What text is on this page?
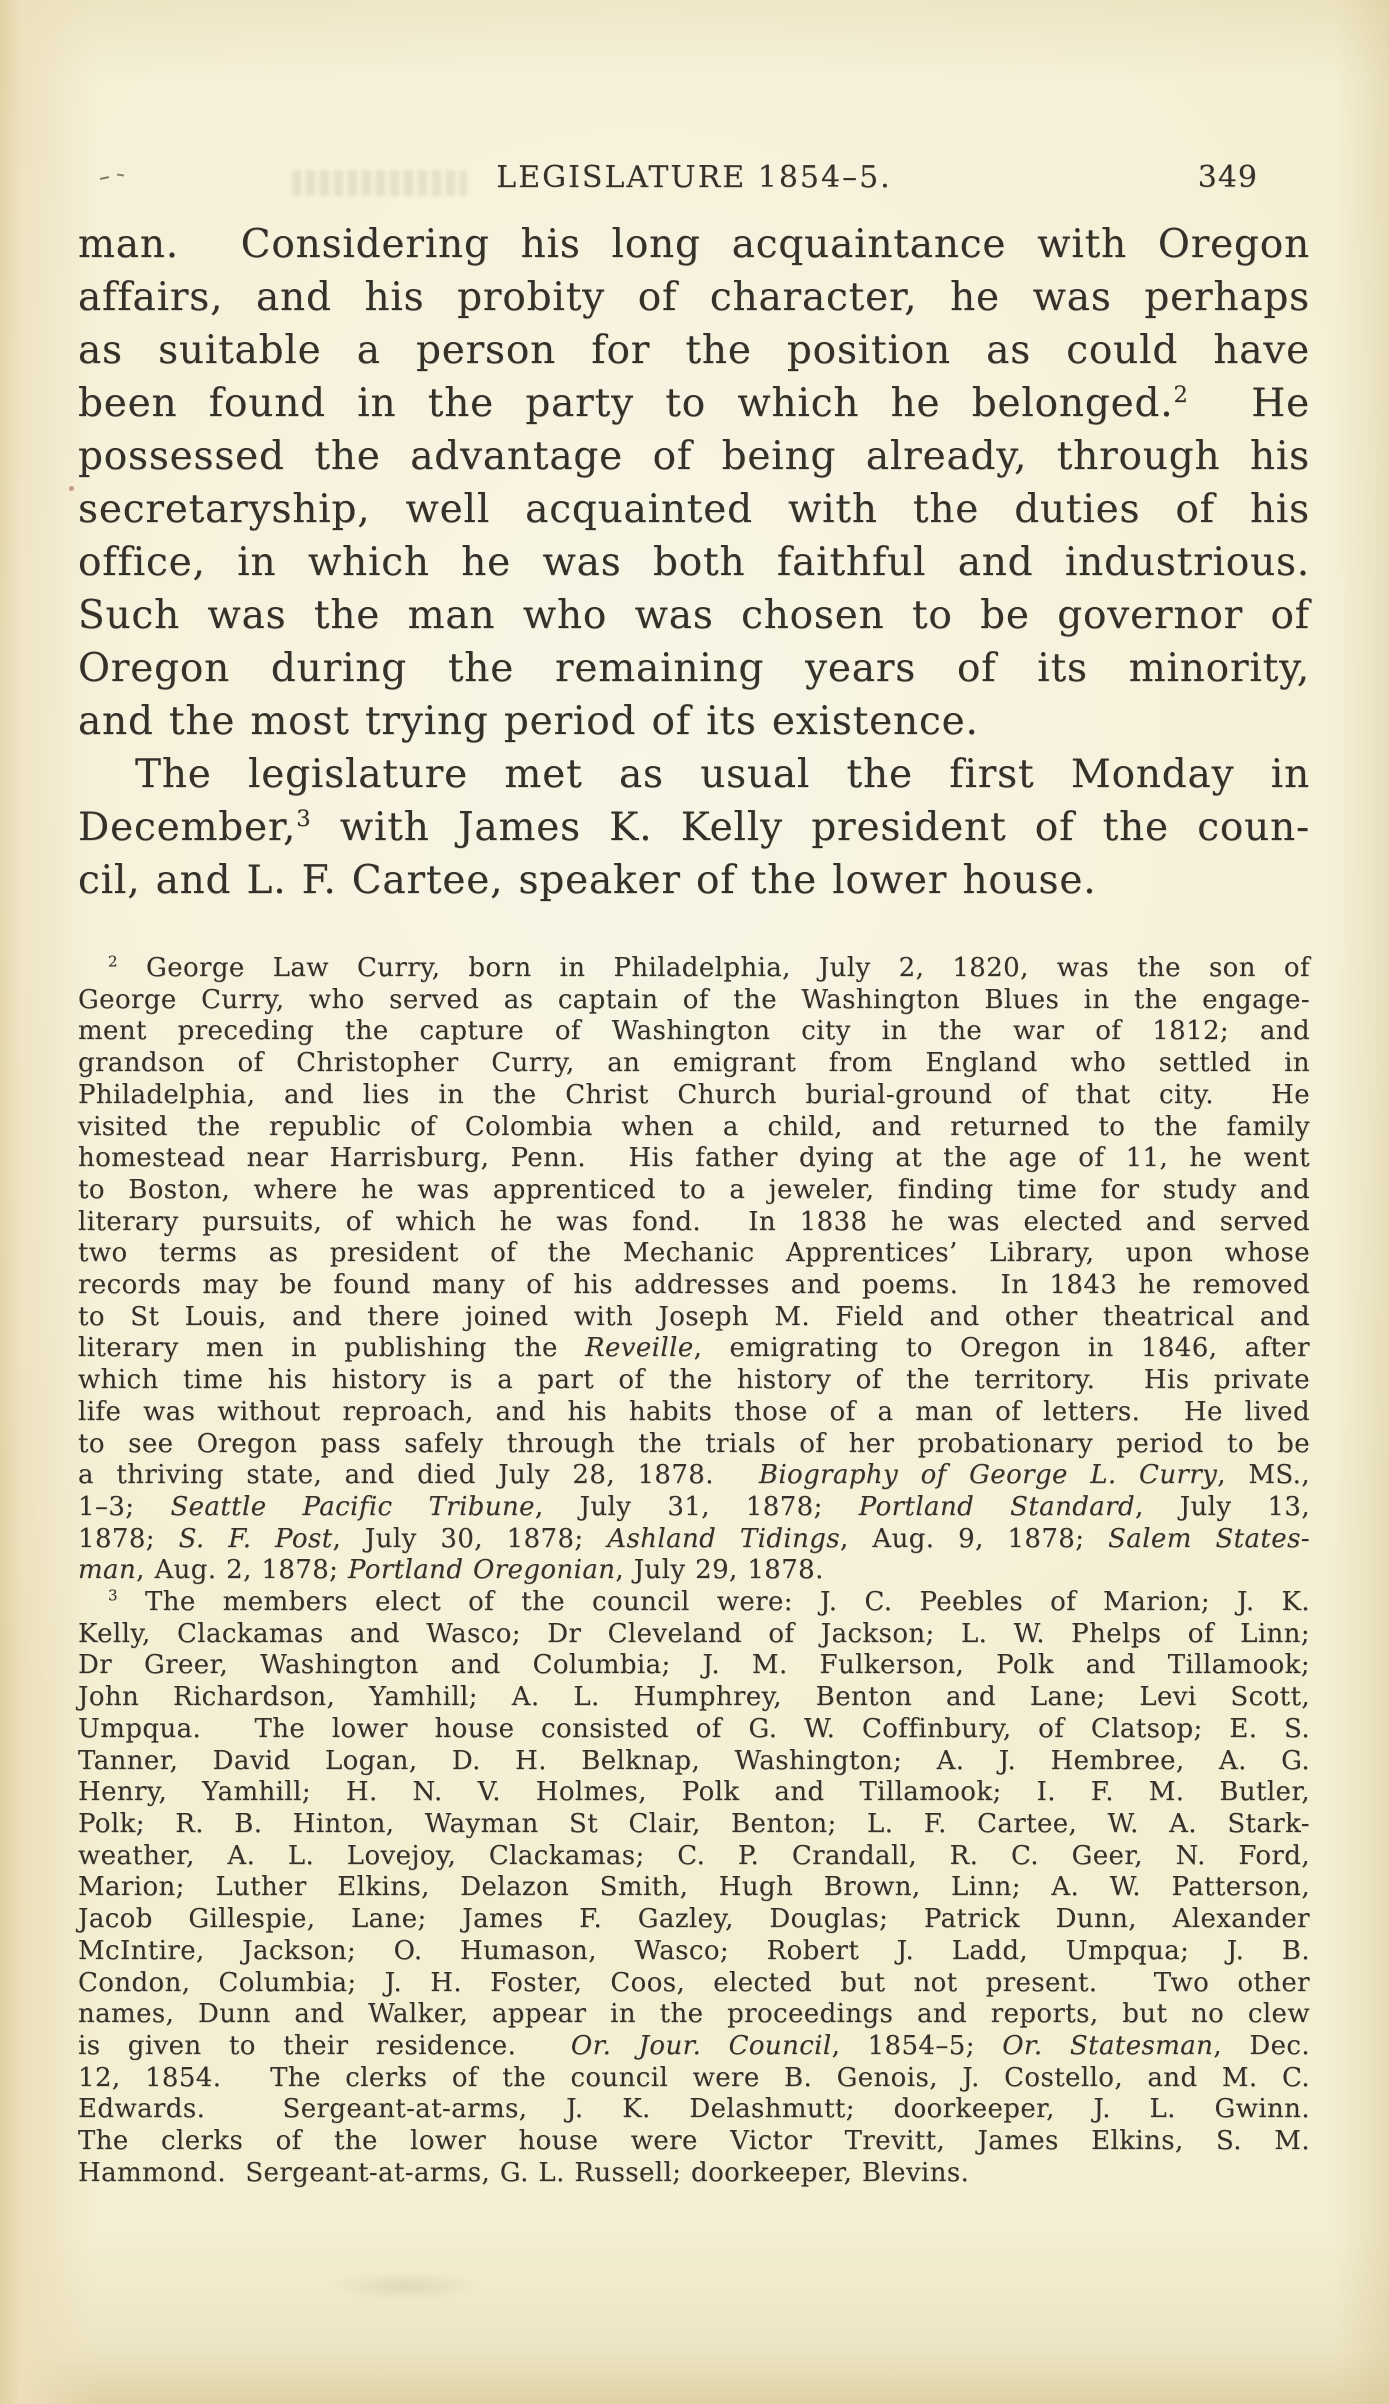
LEGISLATURE 1854–5.	349
man.  Considering his long acquaintance with Oregon
affairs, and his probity of character, he was perhaps
as suitable a person for the position as could have
been found in the party to which he belonged.$^2$  He
possessed the advantage of being already, through his
secretaryship, well acquainted with the duties of his
office, in which he was both faithful and industrious.
Such was the man who was chosen to be governor of
Oregon during the remaining years of its minority,
and the most trying period of its existence.
The legislature met as usual the first Monday in
December,$^3$ with James K. Kelly president of the coun-
cil, and L. F. Cartee, speaker of the lower house.
$^2$ George Law Curry, born in Philadelphia, July 2, 1820, was the son of
George Curry, who served as captain of the Washington Blues in the engage-
ment preceding the capture of Washington city in the war of 1812; and
grandson of Christopher Curry, an emigrant from England who settled in
Philadelphia, and lies in the Christ Church burial-ground of that city.  He
visited the republic of Colombia when a child, and returned to the family
homestead near Harrisburg, Penn.  His father dying at the age of 11, he went
to Boston, where he was apprenticed to a jeweler, finding time for study and
literary pursuits, of which he was fond.  In 1838 he was elected and served
two terms as president of the Mechanic Apprentices’ Library, upon whose
records may be found many of his addresses and poems.  In 1843 he removed
to St Louis, and there joined with Joseph M. Field and other theatrical and
literary men in publishing the Reveille, emigrating to Oregon in 1846, after
which time his history is a part of the history of the territory.  His private
life was without reproach, and his habits those of a man of letters.  He lived
to see Oregon pass safely through the trials of her probationary period to be
a thriving state, and died July 28, 1878.  Biography of George L. Curry, MS.,
1–3; Seattle Pacific Tribune, July 31, 1878; Portland Standard, July 13,
1878; S. F. Post, July 30, 1878; Ashland Tidings, Aug. 9, 1878; Salem States-
man, Aug. 2, 1878; Portland Oregonian, July 29, 1878.
$^3$ The members elect of the council were: J. C. Peebles of Marion; J. K.
Kelly, Clackamas and Wasco; Dr Cleveland of Jackson; L. W. Phelps of Linn;
Dr Greer, Washington and Columbia; J. M. Fulkerson, Polk and Tillamook;
John Richardson, Yamhill; A. L. Humphrey, Benton and Lane; Levi Scott,
Umpqua.  The lower house consisted of G. W. Coffinbury, of Clatsop; E. S.
Tanner, David Logan, D. H. Belknap, Washington; A. J. Hembree, A. G.
Henry, Yamhill; H. N. V. Holmes, Polk and Tillamook; I. F. M. Butler,
Polk; R. B. Hinton, Wayman St Clair, Benton; L. F. Cartee, W. A. Stark-
weather, A. L. Lovejoy, Clackamas; C. P. Crandall, R. C. Geer, N. Ford,
Marion; Luther Elkins, Delazon Smith, Hugh Brown, Linn; A. W. Patterson,
Jacob Gillespie, Lane; James F. Gazley, Douglas; Patrick Dunn, Alexander
McIntire, Jackson; O. Humason, Wasco; Robert J. Ladd, Umpqua; J. B.
Condon, Columbia; J. H. Foster, Coos, elected but not present.  Two other
names, Dunn and Walker, appear in the proceedings and reports, but no clew
is given to their residence.  Or. Jour. Council, 1854–5; Or. Statesman, Dec.
12, 1854.  The clerks of the council were B. Genois, J. Costello, and M. C.
Edwards.  Sergeant-at-arms, J. K. Delashmutt; doorkeeper, J. L. Gwinn.
The clerks of the lower house were Victor Trevitt, James Elkins, S. M.
Hammond.  Sergeant-at-arms, G. L. Russell; doorkeeper, Blevins.
